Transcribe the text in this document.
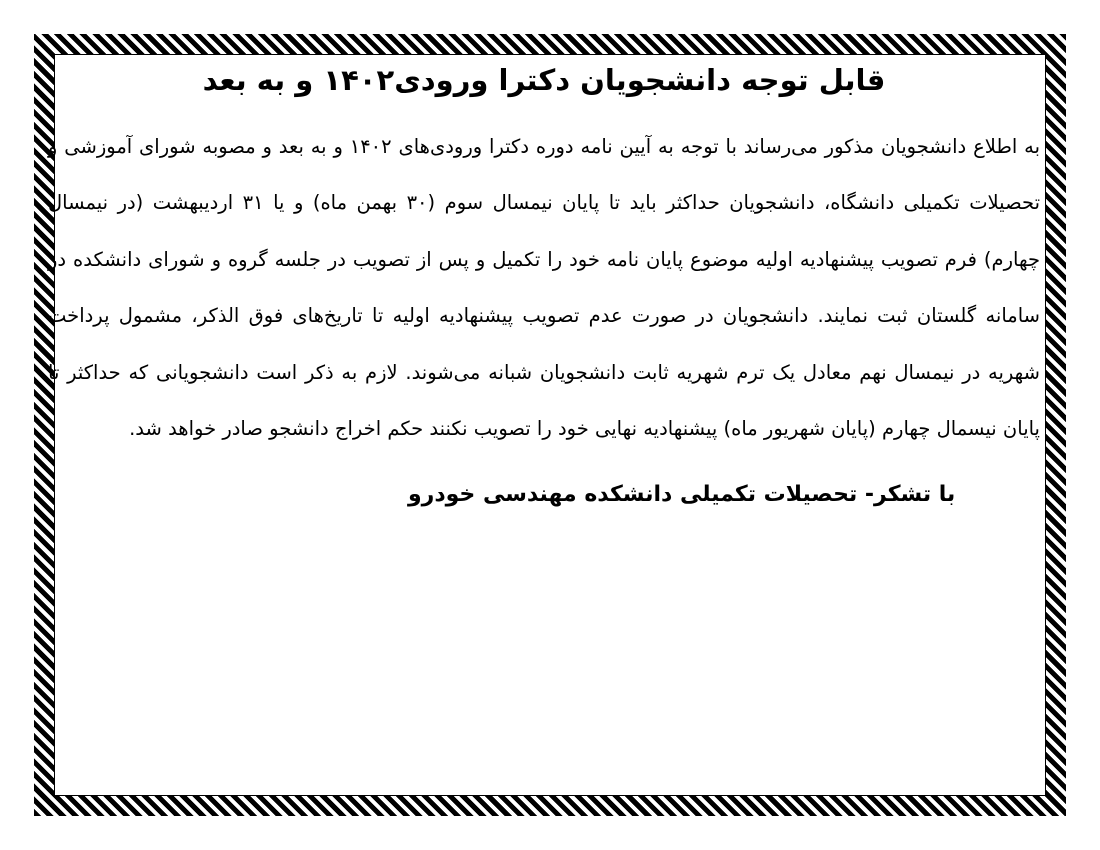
قابل توجه دانشجویان دکترا ورودی۱۴۰۲ و به بعد

به اطلاع دانشجویان مذکور می‌رساند با توجه به آیین نامه دوره دکترا ورودی‌های ۱۴۰۲ و به بعد و مصوبه شورای آموزشی و تحصیلات تکمیلی دانشگاه، دانشجویان حداکثر باید تا پایان نیمسال سوم (۳۰ بهمن ماه) و یا ۳۱ اردیبهشت (در نیمسال چهارم) فرم تصویب پیشنهادیه اولیه موضوع پایان نامه خود را تکمیل و پس از تصویب در جلسه گروه و شورای دانشکده در سامانه گلستان ثبت نمایند. دانشجویان در صورت عدم تصویب پیشنهادیه اولیه تا تاریخ‌های فوق الذکر، مشمول پرداخت شهریه در نیمسال نهم معادل یک ترم شهریه ثابت دانشجویان شبانه می‌شوند. لازم به ذکر است دانشجویانی که حداکثر تا پایان نیسمال چهارم (پایان شهریور ماه) پیشنهادیه نهایی خود را تصویب نکنند حکم اخراج دانشجو صادر خواهد شد.

با تشکر- تحصیلات تکمیلی دانشکده مهندسی خودرو
